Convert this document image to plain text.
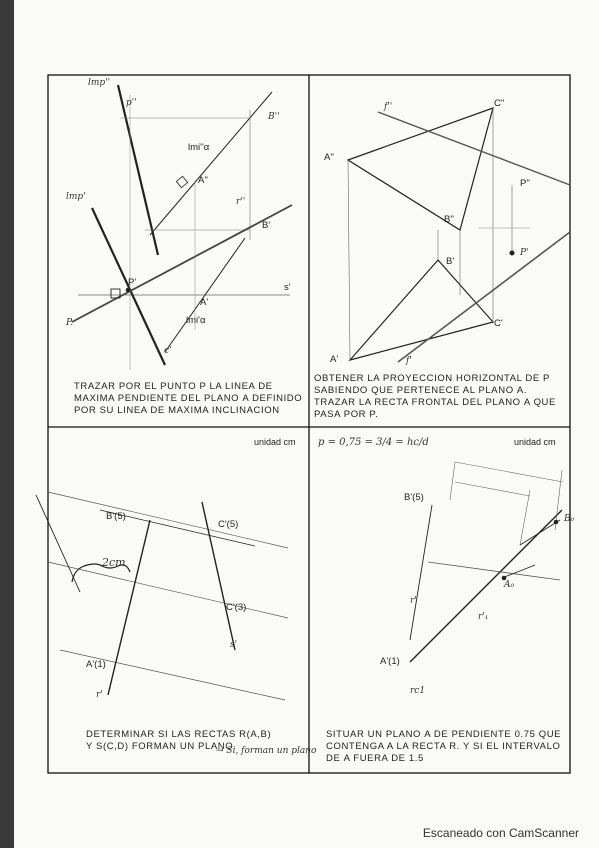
lmp''
p''
B''
lmi''α
A''
r''
lmp'
B'
P'
A'
s'
lmi'α
c'
P.
TRAZAR POR EL PUNTO P LA LINEA DE MAXIMA PENDIENTE DEL PLANO Α DEFINIDO POR SU LINEA DE MAXIMA INCLINACION
f''	C''
A''
P''
B''
B'
P'
C'
A'	f'
OBTENER LA PROYECCION HORIZONTAL DE P SABIENDO QUE PERTENECE AL PLANO Α. TRAZAR LA RECTA FRONTAL DEL PLANO Α QUE PASA POR P.
unidad cm
B'(5)
C'(5)
2cm
C'(3)
s'
A'(1)
r'
DETERMINAR SI LAS RECTAS R(A,B) Y S(C,D) FORMAN UN PLANO
→ Si, forman un plano
p = 0,75 = 3/4 = hc/d	unidad cm
B'(5)
B₀
A₀
r'
r'₁
A'(1)
rc1
SITUAR UN PLANO Α DE PENDIENTE 0.75 QUE CONTENGA A LA RECTA R. Y SI EL INTERVALO DE Α FUERA DE 1.5
Escaneado con CamScanner
